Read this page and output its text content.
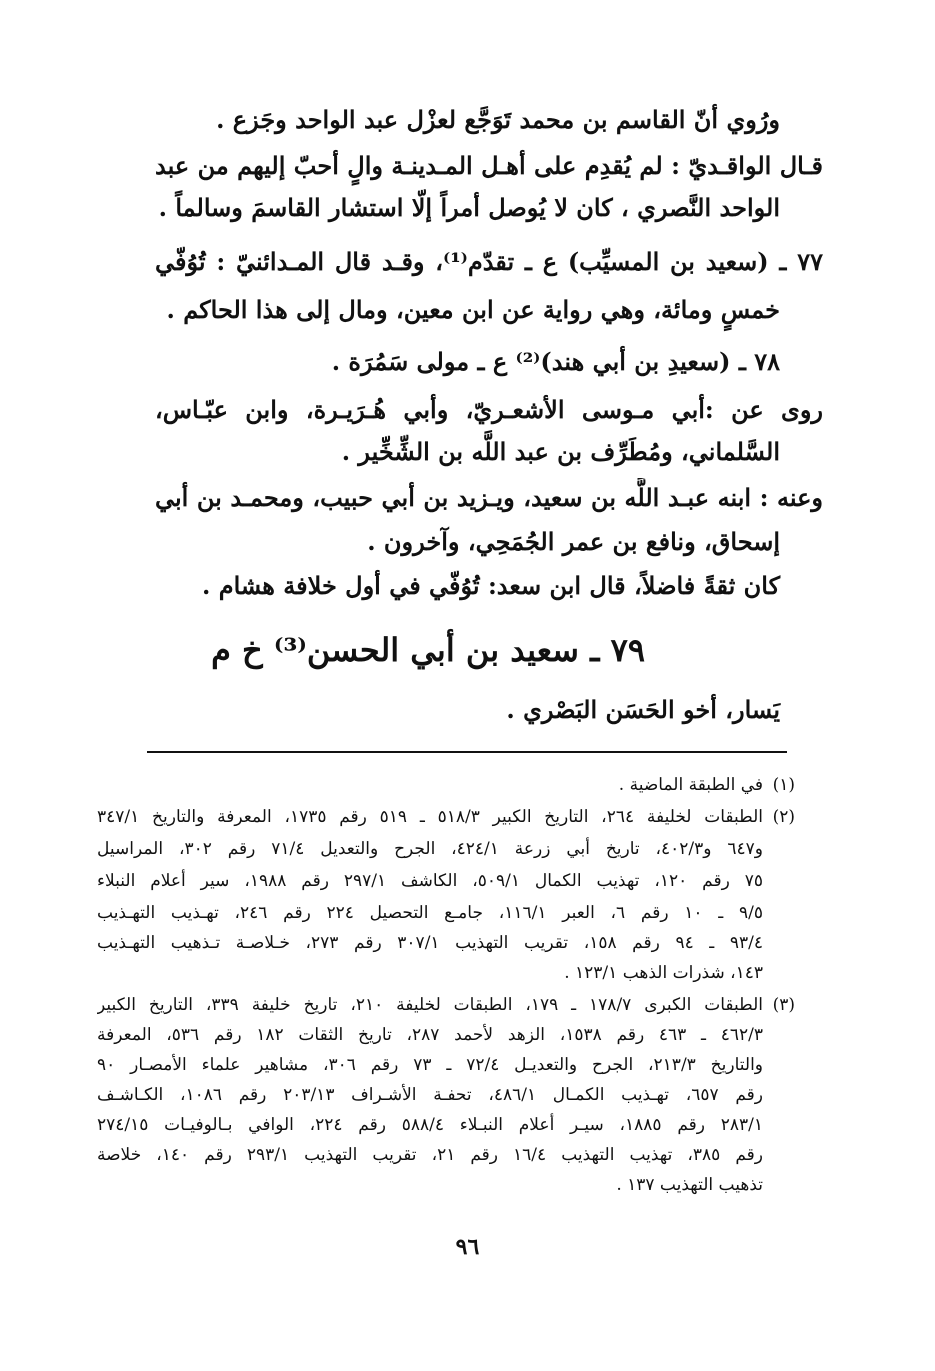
ورُوي أنّ القاسم بن محمد تَوَجَّع لعزْل عبد الواحد وجَزع .
قـال الواقـديّ : لم يُقدِم على أهـل المـدينـة والٍ أحبّ إليهم من عبد
الواحد النَّصري ، كان لا يُوصل أمراً إلّا استشار القاسمَ وسالماً .
٧٧ ـ (سعيد بن المسيِّب) ع ـ تقدّم⁽¹⁾، وقـد قال المـدائنيّ : تُوُفّي
خمسٍ ومائة، وهي رواية عن ابن معين، ومال إلى هذا الحاكم .
٧٨ ـ (سعيدِ بن أبي هند)⁽²⁾ ع ـ مولى سَمُرَة .
روى عن :أبي مـوسى الأشعـريّ، وأبي هُـرَيـرة، وابن عبّـاس،
السَّلماني، ومُطَرِّف بن عبد اللَّه بن الشِّخِّير .
وعنه : ابنه عبـد اللَّه بن سعيد، ويـزيد بن أبي حبيب، ومحمـد بن أبي
إسحاق، ونافع بن عمر الجُمَحِي، وآخرون .
كان ثقةً فاضلاً، قال ابن سعد: تُوُفّي في أول خلافة هشام .
٧٩ ـ سعيد بن أبي الحسن⁽³⁾ خ م
يَسار، أخو الحَسَن البَصْري .
(١)
في الطبقة الماضية .
(٢)
الطبقات لخليفة ٢٦٤، التاريخ الكبير ٥١٨/٣ ـ ٥١٩ رقم ١٧٣٥، المعرفة والتاريخ ٣٤٧/١
و٦٤٧ و٤٠٢/٣، تاريخ أبي زرعة ٤٢٤/١، الجرح والتعديل ٧١/٤ رقم ٣٠٢، المراسيل
٧٥ رقم ١٢٠، تهذيب الكمال ٥٠٩/١، الكاشف ٢٩٧/١ رقم ١٩٨٨، سير أعلام النبلاء
٩/٥ ـ ١٠ رقم ٦، العبر ١١٦/١، جامـع التحصيل ٢٢٤ رقم ٢٤٦، تهـذيب التهـذيب
٩٣/٤ ـ ٩٤ رقم ١٥٨، تقريب التهذيب ٣٠٧/١ رقم ٢٧٣، خـلاصـة تـذهيب التهـذيب
١٤٣، شذرات الذهب ١٢٣/١ .
(٣)
الطبقات الكبرى ١٧٨/٧ ـ ١٧٩، الطبقات لخليفة ٢١٠، تاريخ خليفة ٣٣٩، التاريخ الكبير
٤٦٢/٣ ـ ٤٦٣ رقم ١٥٣٨، الزهد لأحمد ٢٨٧، تاريخ الثقات ١٨٢ رقم ٥٣٦، المعرفة
والتاريخ ٢١٣/٣، الجرح والتعديـل ٧٢/٤ ـ ٧٣ رقم ٣٠٦، مشاهير علماء الأمصـار ٩٠
رقم ٦٥٧، تهـذيب الكمـال ٤٨٦/١، تحفـة الأشـراف ٢٠٣/١٣ رقم ١٠٨٦، الكـاشـف
٢٨٣/١ رقم ١٨٨٥، سيـر أعلام النبـلاء ٥٨٨/٤ رقم ٢٢٤، الوافي بـالوفيـات ٢٧٤/١٥
رقم ٣٨٥، تهذيب التهذيب ١٦/٤ رقم ٢١، تقريب التهذيب ٢٩٣/١ رقم ١٤٠، خلاصة
تذهيب التهذيب ١٣٧ .
٩٦
